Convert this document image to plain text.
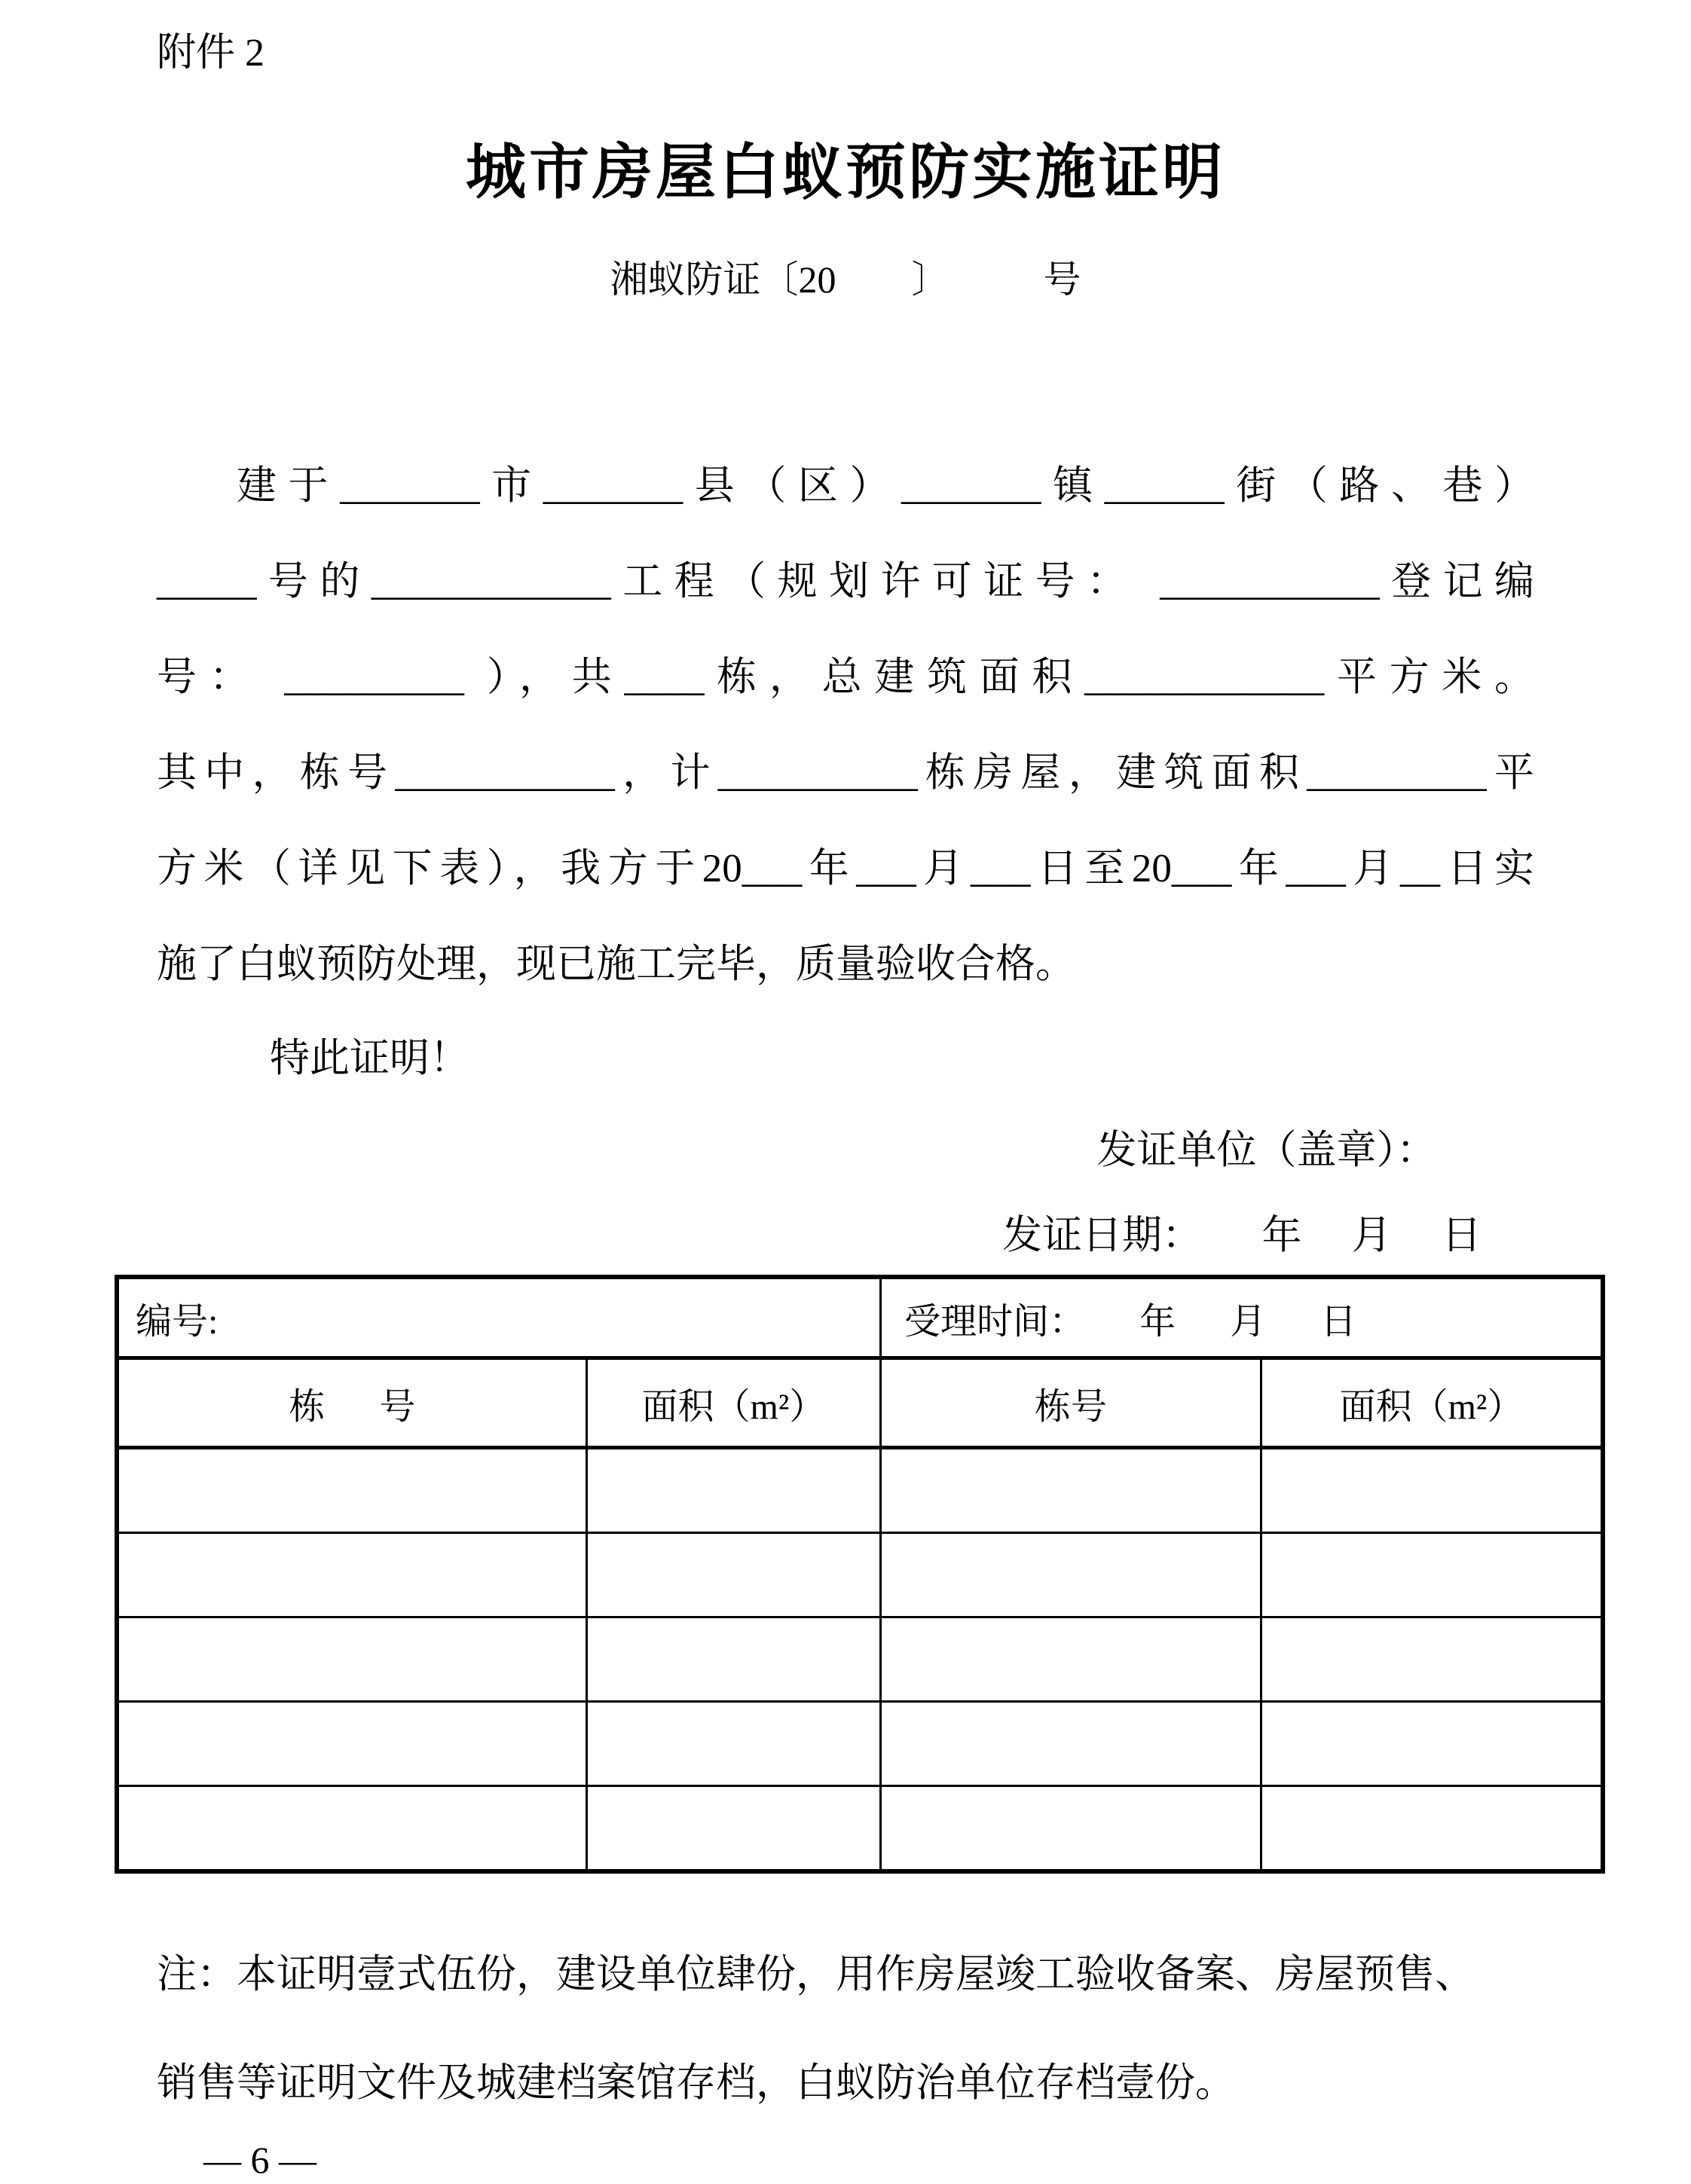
附件 2
城市房屋白蚁预防实施证明
湘蚁防证〔20        〕          号
建于_______市_______县（区）_______镇______街（路、巷）
_____号的____________工程（规划许可证号： ___________登记编
号： _________ ），共____栋，总建筑面积____________平方米。
其中，栋号___________，计__________栋房屋，建筑面积_________平
方米（详见下表），我方于20___年___月___日至20___年___月__日实
施了白蚁预防处理，现已施工完毕，质量验收合格。
特此证明！
发证单位（盖章）：
发证日期：      年     月     日
编号:		受理时间：      年      月      日	
栋      号	面积（m²）	栋号	面积（m²）

注：本证明壹式伍份，建设单位肆份，用作房屋竣工验收备案、房屋预售、
销售等证明文件及城建档案馆存档，白蚁防治单位存档壹份。
— 6 —
